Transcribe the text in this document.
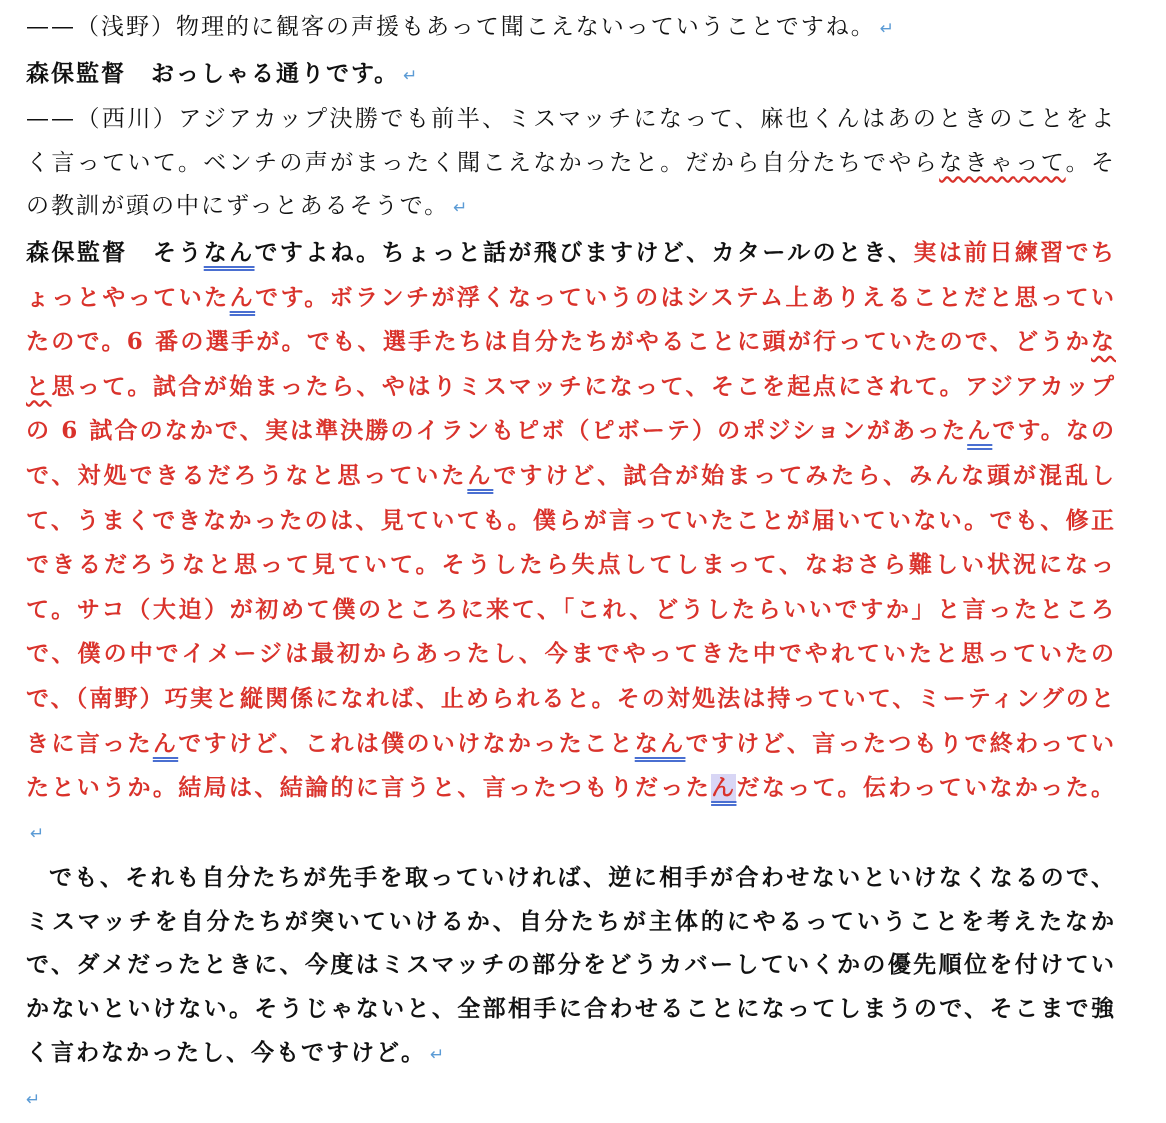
——（浅野）物理的に観客の声援もあって聞こえないっていうことですね。 ↵

森保監督　おっしゃる通りです。 ↵

——（西川）アジアカップ決勝でも前半、ミスマッチになって、麻也くんはあのときのことをよく言っていて。ベンチの声がまったく聞こえなかったと。だから自分たちでやらなきゃって。その教訓が頭の中にずっとあるそうで。 ↵

森保監督　そうなんですよね。ちょっと話が飛びますけど、カタールのとき、実は前日練習でちょっとやっていたんです。ボランチが浮くなっていうのはシステム上ありえることだと思っていたので。6 番の選手が。でも、選手たちは自分たちがやることに頭が行っていたので、どうかなと思って。試合が始まったら、やはりミスマッチになって、そこを起点にされて。アジアカップの 6 試合のなかで、実は準決勝のイランもピボ（ピボーテ）のポジションがあったんです。なので、対処できるだろうなと思っていたんですけど、試合が始まってみたら、みんな頭が混乱して、うまくできなかったのは、見ていても。僕らが言っていたことが届いていない。でも、修正できるだろうなと思って見ていて。そうしたら失点してしまって、なおさら難しい状況になって。サコ（大迫）が初めて僕のところに来て、「これ、どうしたらいいですか」と言ったところで、僕の中でイメージは最初からあったし、今までやってきた中でやれていたと思っていたので、（南野）巧実と縦関係になれば、止められると。その対処法は持っていて、ミーティングのときに言ったんですけど、これは僕のいけなかったことなんですけど、言ったつもりで終わっていたというか。結局は、結論的に言うと、言ったつもりだったんだなって。伝わっていなかった。↵

でも、それも自分たちが先手を取っていければ、逆に相手が合わせないといけなくなるので、ミスマッチを自分たちが突いていけるか、自分たちが主体的にやるっていうことを考えたなかで、ダメだったときに、今度はミスマッチの部分をどうカバーしていくかの優先順位を付けていかないといけない。そうじゃないと、全部相手に合わせることになってしまうので、そこまで強く言わなかったし、今もですけど。 ↵

↵
